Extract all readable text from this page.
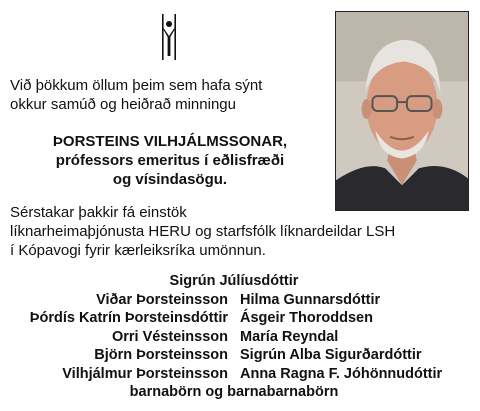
Við þökkum öllum þeim sem hafa sýnt
okkur samúð og heiðrað minningu
ÞORSTEINS VILHJÁLMSSONAR,
prófessors emeritus í eðlisfræði
og vísindasögu.
Sérstakar þakkir fá einstök
líknarheimaþjónusta HERU og starfsfólk líknardeildar LSH
í Kópavogi fyrir kærleiksríka umönnun.
Sigrún Júlíusdóttir
Viðar Þorsteinsson Hilma Gunnarsdóttir
Þórdís Katrín Þorsteinsdóttir Ásgeir Thoroddsen
Orri Vésteinsson María Reyndal
Björn Þorsteinsson Sigrún Alba Sigurðardóttir
Vilhjálmur Þorsteinsson Anna Ragna F. Jóhönnudóttir
barnabörn og barnabarnabörn
